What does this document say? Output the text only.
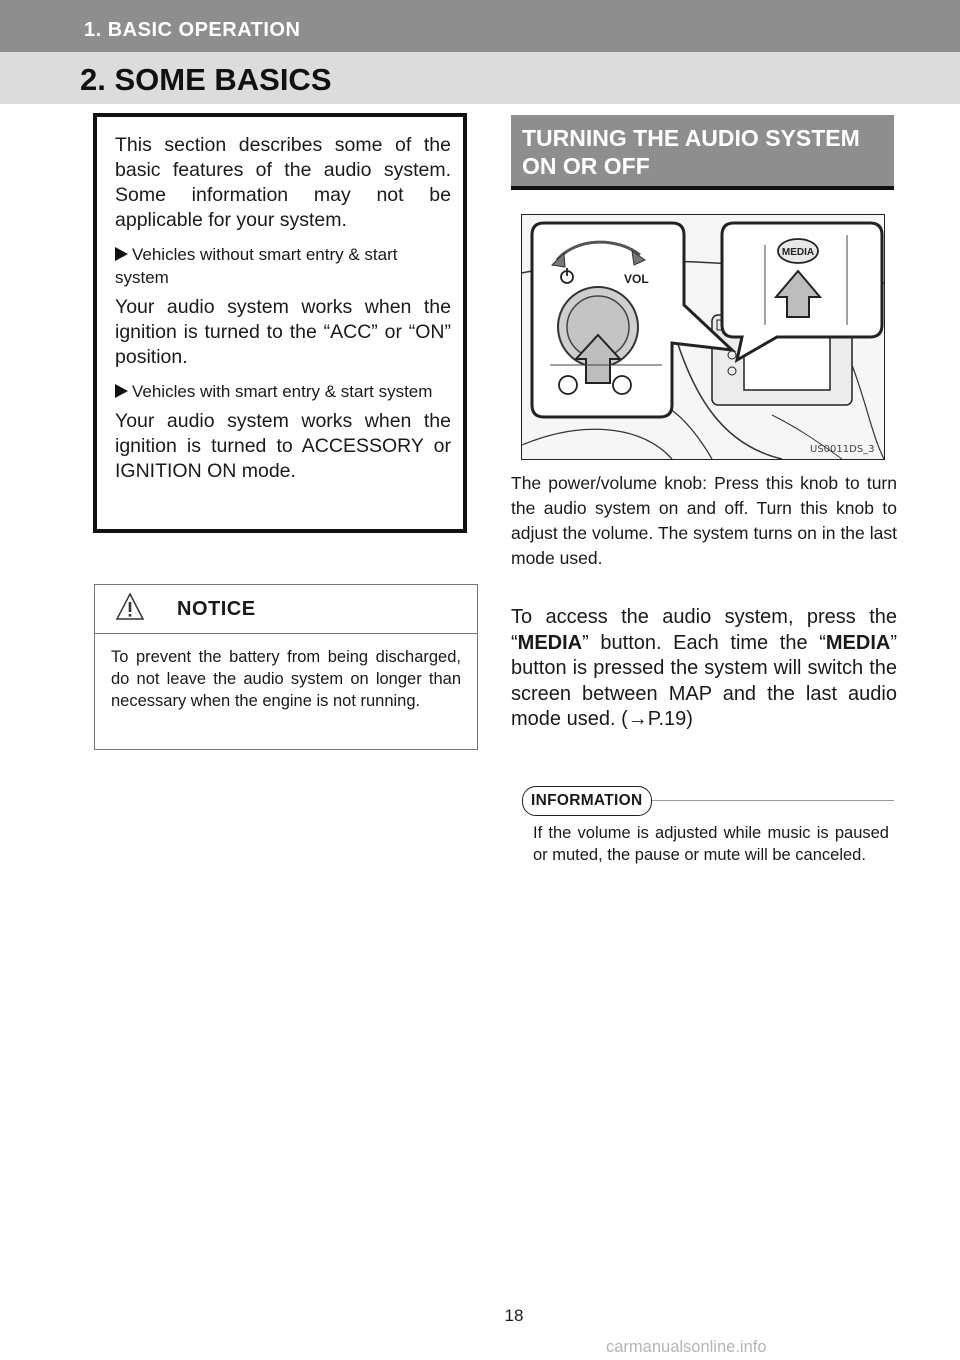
1. BASIC OPERATION
2. SOME BASICS

This section describes some of the basic features of the audio system. Some information may not be applicable for your system.

Vehicles without smart entry & start system

Your audio system works when the ignition is turned to the “ACC” or “ON” position.

Vehicles with smart entry & start system

Your audio system works when the ignition is turned to ACCESSORY or IGNITION ON mode.

NOTICE

To prevent the battery from being discharged, do not leave the audio system on longer than necessary when the engine is not running.

TURNING THE AUDIO SYSTEM ON OR OFF
VOL
MEDIA
US0011DS_3

The power/volume knob: Press this knob to turn the audio system on and off. Turn this knob to adjust the volume. The system turns on in the last mode used.

To access the audio system, press the “MEDIA” button. Each time the “MEDIA” button is pressed the system will switch the screen between MAP and the last audio mode used. (→P.19)

INFORMATION

If the volume is adjusted while music is paused or muted, the pause or mute will be canceled.

18
carmanualsonline.info
